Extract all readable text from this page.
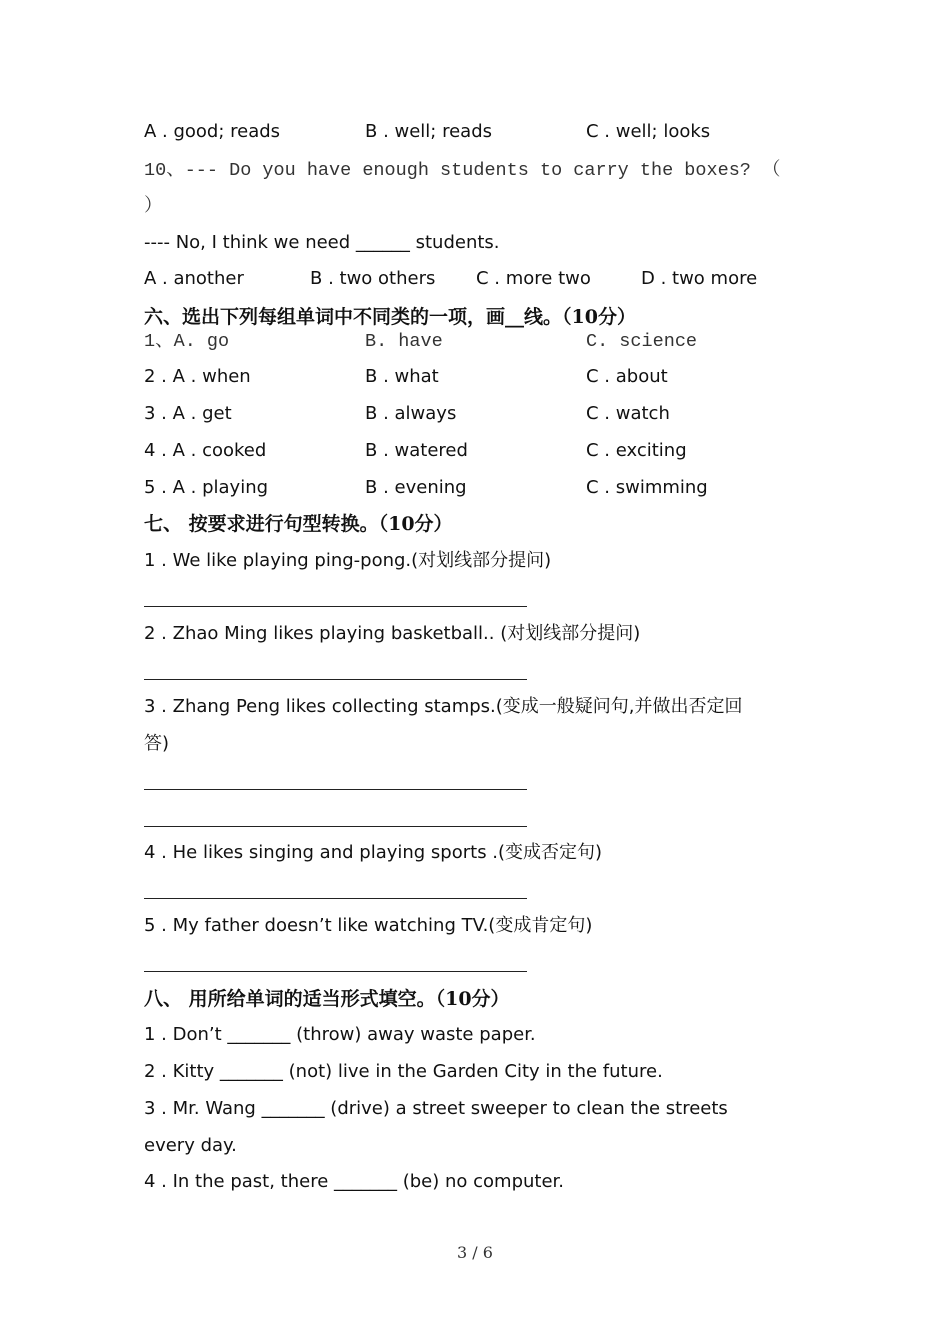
A . good; reads	B . well; reads	C . well; looks
10、--- Do you have enough students to carry the boxes? （
）
---- No, I think we need ______ students.
A . another	B . two others C . more two	D . two more
六、选出下列每组单词中不同类的一项，画__线。（10分）
1、A. go	B. have	C. science
2 . A . when	B . what	C . about
3 . A . get	B . always	C . watch
4 . A . cooked	B . watered	C . exciting
5 . A . playing	B . evening	C . swimming
七、 按要求进行句型转换。（10分）
1 . We like playing ping-pong.(对划线部分提问)
2 . Zhao Ming likes playing basketball.. (对划线部分提问)
3 . Zhang Peng likes collecting stamps.(变成一般疑问句,并做出否定回
答)
4 . He likes singing and playing sports .(变成否定句)
5 . My father doesn’t like watching TV.(变成肯定句)
八、 用所给单词的适当形式填空。（10分）
1 . Don’t _______ (throw) away waste paper.
2 . Kitty _______ (not) live in the Garden City in the future.
3 . Mr. Wang _______ (drive) a street sweeper to clean the streets
every day.
4 . In the past, there _______ (be) no computer.
3 / 6
